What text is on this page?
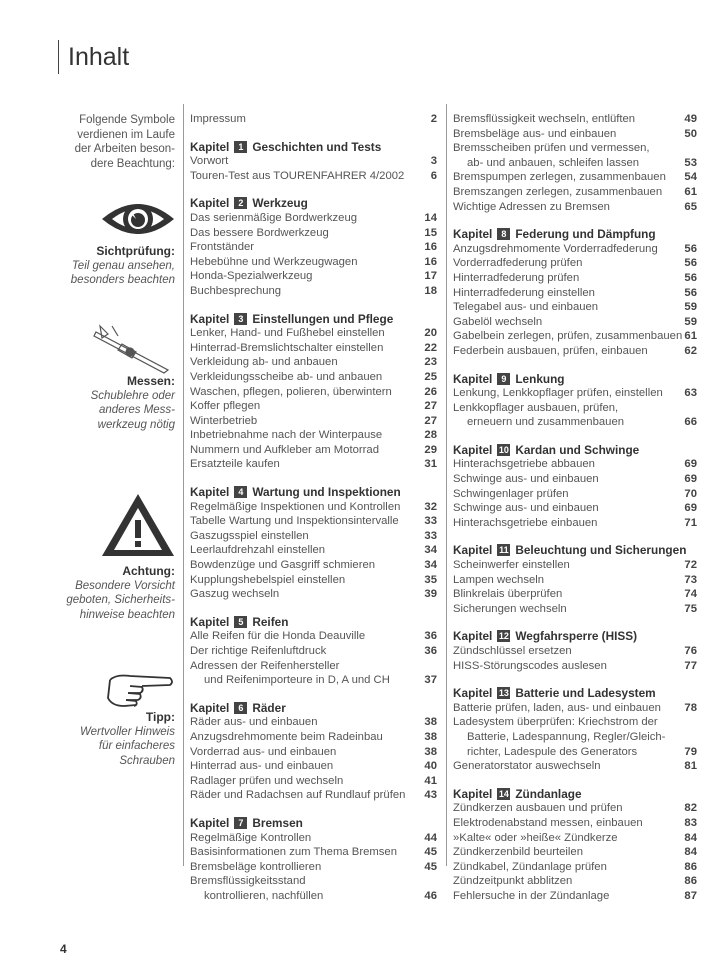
Inhalt
Folgende Symbole
verdienen im Laufe
der Arbeiten beson-
dere Beachtung:
Sichtprüfung:
Teil genau ansehen,
besonders beachten
Messen:
Schublehre oder
anderes Mess-
werkzeug nötig
Achtung:
Besondere Vorsicht
geboten, Sicherheits-
hinweise beachten
Tipp:
Wertvoller Hinweis
für einfacheres
Schrauben
Impressum	2
Kapitel 1 Geschichten und Tests
Vorwort	3
Touren-Test aus TOURENFAHRER 4/2002 6
Kapitel 2 Werkzeug
Das serienmäßige Bordwerkzeug	14
Das bessere Bordwerkzeug	15
Frontständer	16
Hebebühne und Werkzeugwagen	16
Honda-Spezialwerkzeug	17
Buchbesprechung	18
Kapitel 3 Einstellungen und Pflege
Lenker, Hand- und Fußhebel einstellen	20
Hinterrad-Bremslichtschalter einstellen	22
Verkleidung ab- und anbauen	23
Verkleidungsscheibe ab- und anbauen	25
Waschen, pflegen, polieren, überwintern	26
Koffer pflegen	27
Winterbetrieb	27
Inbetriebnahme nach der Winterpause	28
Nummern und Aufkleber am Motorrad	29
Ersatzteile kaufen	31
Kapitel 4 Wartung und Inspektionen
Regelmäßige Inspektionen und Kontrollen 32
Tabelle Wartung und Inspektionsintervalle 33
Gaszugsspiel einstellen	33
Leerlaufdrehzahl einstellen	34
Bowdenzüge und Gasgriff schmieren	34
Kupplungshebelspiel einstellen	35
Gaszug wechseln	39
Kapitel 5 Reifen
Alle Reifen für die Honda Deauville	36
Der richtige Reifenluftdruck	36
Adressen der Reifenhersteller
und Reifenimporteure in D, A und CH	37
Kapitel 6 Räder
Räder aus- und einbauen	38
Anzugsdrehmomente beim Radeinbau	38
Vorderrad aus- und einbauen	38
Hinterrad aus- und einbauen	40
Radlager prüfen und wechseln	41
Räder und Radachsen auf Rundlauf prüfen 43
Kapitel 7 Bremsen
Regelmäßige Kontrollen	44
Basisinformationen zum Thema Bremsen 45
Bremsbeläge kontrollieren	45
Bremsflüssigkeitsstand
kontrollieren, nachfüllen	46
Bremsflüssigkeit wechseln, entlüften	49
Bremsbeläge aus- und einbauen	50
Bremsscheiben prüfen und vermessen,
ab- und anbauen, schleifen lassen	53
Bremspumpen zerlegen, zusammenbauen 54
Bremszangen zerlegen, zusammenbauen 61
Wichtige Adressen zu Bremsen	65
Kapitel 8 Federung und Dämpfung
Anzugsdrehmomente Vorderradfederung 56
Vorderradfederung prüfen	56
Hinterradfederung prüfen	56
Hinterradfederung einstellen	56
Telegabel aus- und einbauen	59
Gabelöl wechseln	59
Gabelbein zerlegen, prüfen, zusammenbauen 61
Federbein ausbauen, prüfen, einbauen	62
Kapitel 9 Lenkung
Lenkung, Lenkkopflager prüfen, einstellen 63
Lenkkopflager ausbauen, prüfen,
erneuern und zusammenbauen	66
Kapitel 10 Kardan und Schwinge
Hinterachsgetriebe abbauen	69
Schwinge aus- und einbauen	69
Schwingenlager prüfen	70
Schwinge aus- und einbauen	69
Hinterachsgetriebe einbauen	71
Kapitel 11 Beleuchtung und Sicherungen
Scheinwerfer einstellen	72
Lampen wechseln	73
Blinkrelais überprüfen	74
Sicherungen wechseln	75
Kapitel 12 Wegfahrsperre (HISS)
Zündschlüssel ersetzen	76
HISS-Störungscodes auslesen	77
Kapitel 13 Batterie und Ladesystem
Batterie prüfen, laden, aus- und einbauen 78
Ladesystem überprüfen: Kriechstrom der
Batterie, Ladespannung, Regler/Gleich-
richter, Ladespule des Generators	79
Generatorstator auswechseln	81
Kapitel 14 Zündanlage
Zündkerzen ausbauen und prüfen	82
Elektrodenabstand messen, einbauen	83
»Kalte« oder »heiße« Zündkerze	84
Zündkerzenbild beurteilen	84
Zündkabel, Zündanlage prüfen	86
Zündzeitpunkt abblitzen	86
Fehlersuche in der Zündanlage	87
4
